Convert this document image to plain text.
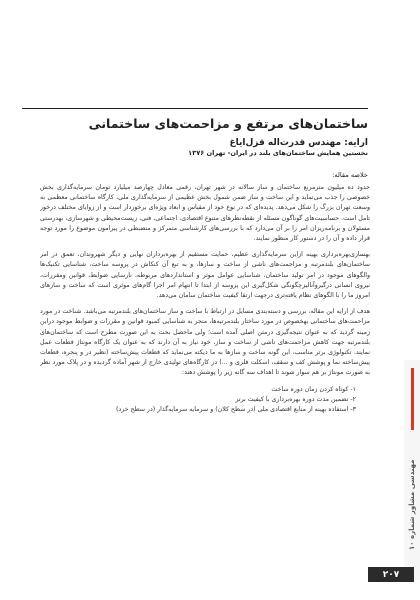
ساختمان‌های مرتفع و مزاحمت‌های ساختمانی
ارایه: مهندس قدرت‌اله قزل‌ایاغ
نخستین همایش ساختمان‌های بلند در ایران- تهران ۱۳۷۶
خلاصه مقاله:

حدود ده میلیون مترمربع ساختمان و ساز سالانه در شهر تهران، رقمی معادل چهارصد میلیارد تومان سرمایه‌گذاری بخش خصوصی را جذب می‌نماید و این ساخت و ساز ضمن شمول بخش عظیمی از سرمایه‌گذاری ملی، کارگاه ساختمانی معظمی به وسعت تهران بزرگ را شکل می‌دهد. پدیده‌ای که در نوع خود از مقیاس و ابعاد ویژه‌ای برخوردار است و از زوایای مختلف درخور تامل است. حساسیت‌های گوناگون مسئله از نقطه‌نظرهای متنوع اقتصادی، اجتماعی، فنی، زیست‌محیطی و شهرسازی، بهدرستی مسئولان و برنامه‌ریزان امر را بر آن می‌دارد که با بررسی‌های کارشناسی متمرکز و منضبطی در پیرامون موضوع را مورد توجه قرار داده و آن را در دستور کار منظور نمایند.

بهسازی‌بهره‌برداری بهینه ازاین سرمایه‌گذاری عظیم، حمایت مستقیم از بهره‌برداران نهایی و دیگر شهروندان، تعمق در امر ساختمان‌های بلندمرتبه و مزاحمت‌های ناشی از ساخت و سازها، و به تبع آن کنکاش در پروسه ساخت، شناسایی تکنیک‌ها والگوهای موجود در امر تولید ساختمان، شناسایی عوامل موثر و استانداردهای مربوطه، نارسایی ضوابط، قوانین ومقررات، نیروی انسانی درگیروآنالیزچگونگی شکل‌گیری این پروسه از ابتدا تا انتهام امر اجرا گام‌های موثری است که ساخت و سازهای امروز ما را با الگوهای نظام یافته‌تری درجهت ارتقا کیفیت ساختمان سامان می‌دهد.

هدف از ارایه این مقاله، بررسی و دسته‌بندی مسایل در ارتباط با ساخت و ساز ساختمان‌های بلندمرتبه می‌باشد. شناخت در مورد مزاحمت‌های ساختمانی بهخصوص در مورد ساختار بلندمرتبه‌ها، منجر به شناسایی کمبود قوانین و مقررات و ضوابط موجود دراین زمینه گردید که به عنوان نتیجه‌گیری درمتن اصلی آمده است؛ ولی ماحصل بحث به این صورت مطرح است که ساختمان‌های بلندمرتبه جهت کاهش مزاحمت‌های ناشی از ساخت و ساز، خود نیاز به آن دارند که به عنوان یک کارگاه مونتاژ قطعات عمل نمایند. تکنولوژی برتر مناسب، این گونه ساخت و سازها به ما دیکته می‌نماید که قطعات پیش‌ساخته (نظیر در و پنجره، قطعات پیش‌ساخته نما و پوشش کف و سقف، اسکلت فلزی و ...) در کارگاه‌های تولیدی خارج از شهر آماده گردیده و در پلاک مورد نظر به صورت مونتاژ بر هم سوار شوند تا اهداف سه گانه زیر را پوشش دهند:

۱- کوتاه کردن زمان دوره ساخت
۲- تضمین مدت دوره بهره‌برداری با کیفیت برتر
۳- استفاده بهینه از منابع اقتصادی ملی (در سطح کلان) و سرمایه سرمایه‌گذار (در سطح خرد)
مهندسی مشاور شماره ۱۰
۲۰۷
